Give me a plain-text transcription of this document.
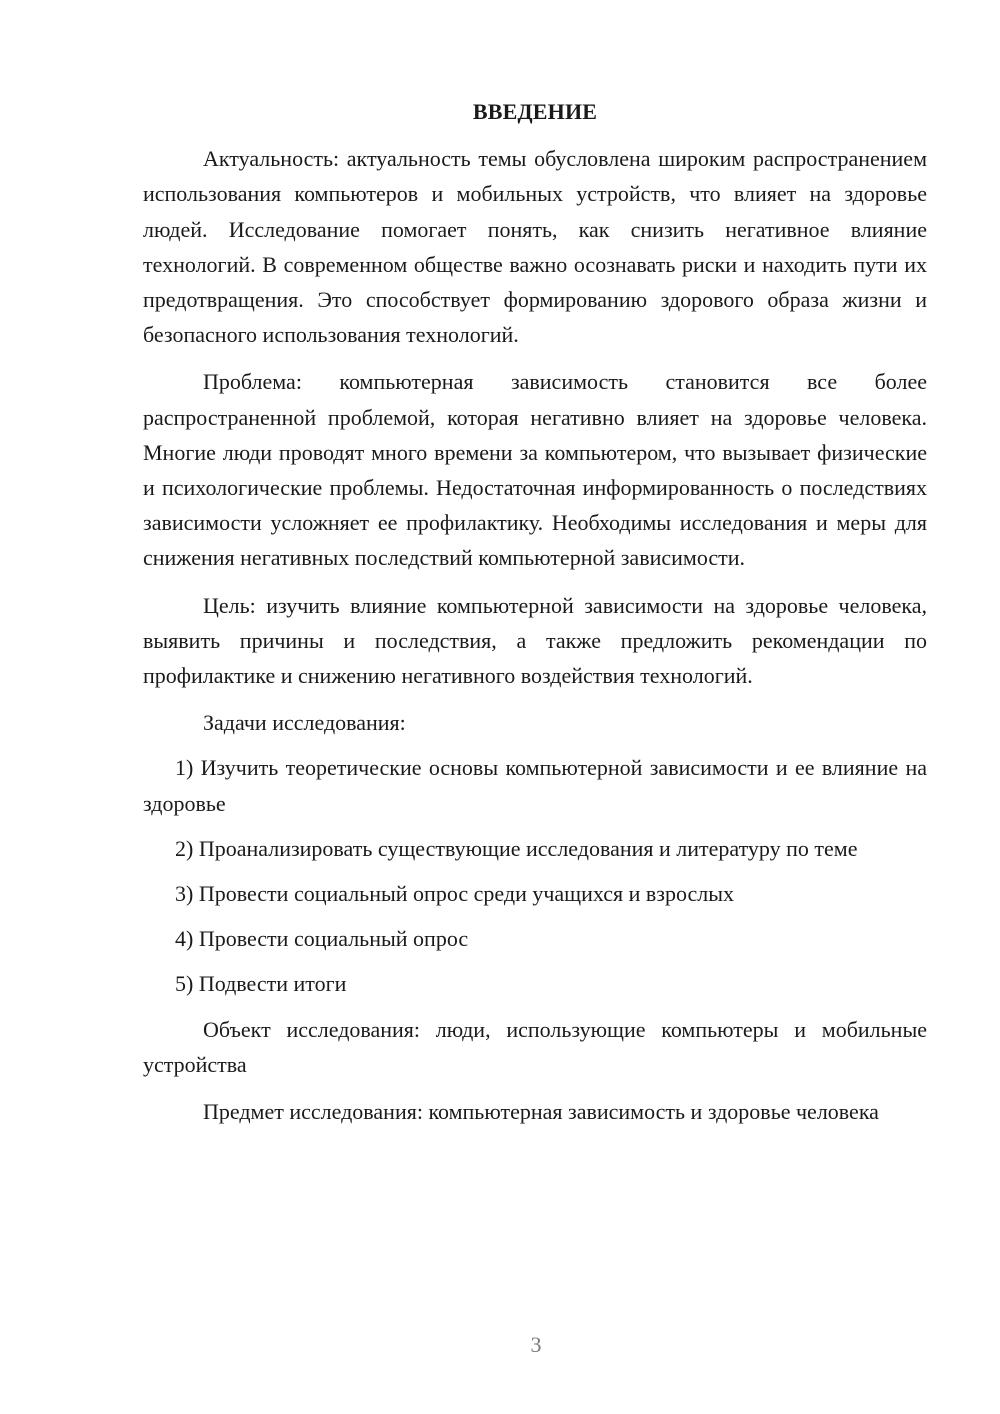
ВВЕДЕНИЕ

Актуальность: актуальность темы обусловлена широким распространением использования компьютеров и мобильных устройств, что влияет на здоровье людей. Исследование помогает понять, как снизить негативное влияние технологий. В современном обществе важно осознавать риски и находить пути их предотвращения. Это способствует формированию здорового образа жизни и безопасного использования технологий.

Проблема: компьютерная зависимость становится все более распространенной проблемой, которая негативно влияет на здоровье человека. Многие люди проводят много времени за компьютером, что вызывает физические и психологические проблемы. Недостаточная информированность о последствиях зависимости усложняет ее профилактику. Необходимы исследования и меры для снижения негативных последствий компьютерной зависимости.

Цель: изучить влияние компьютерной зависимости на здоровье человека, выявить причины и последствия, а также предложить рекомендации по профилактике и снижению негативного воздействия технологий.

Задачи исследования:

1) Изучить теоретические основы компьютерной зависимости и ее влияние на здоровье

2) Проанализировать существующие исследования и литературу по теме

3) Провести социальный опрос среди учащихся и взрослых

4) Провести социальный опрос

5) Подвести итоги

Объект исследования: люди, использующие компьютеры и мобильные устройства

Предмет исследования: компьютерная зависимость и здоровье человека

3
